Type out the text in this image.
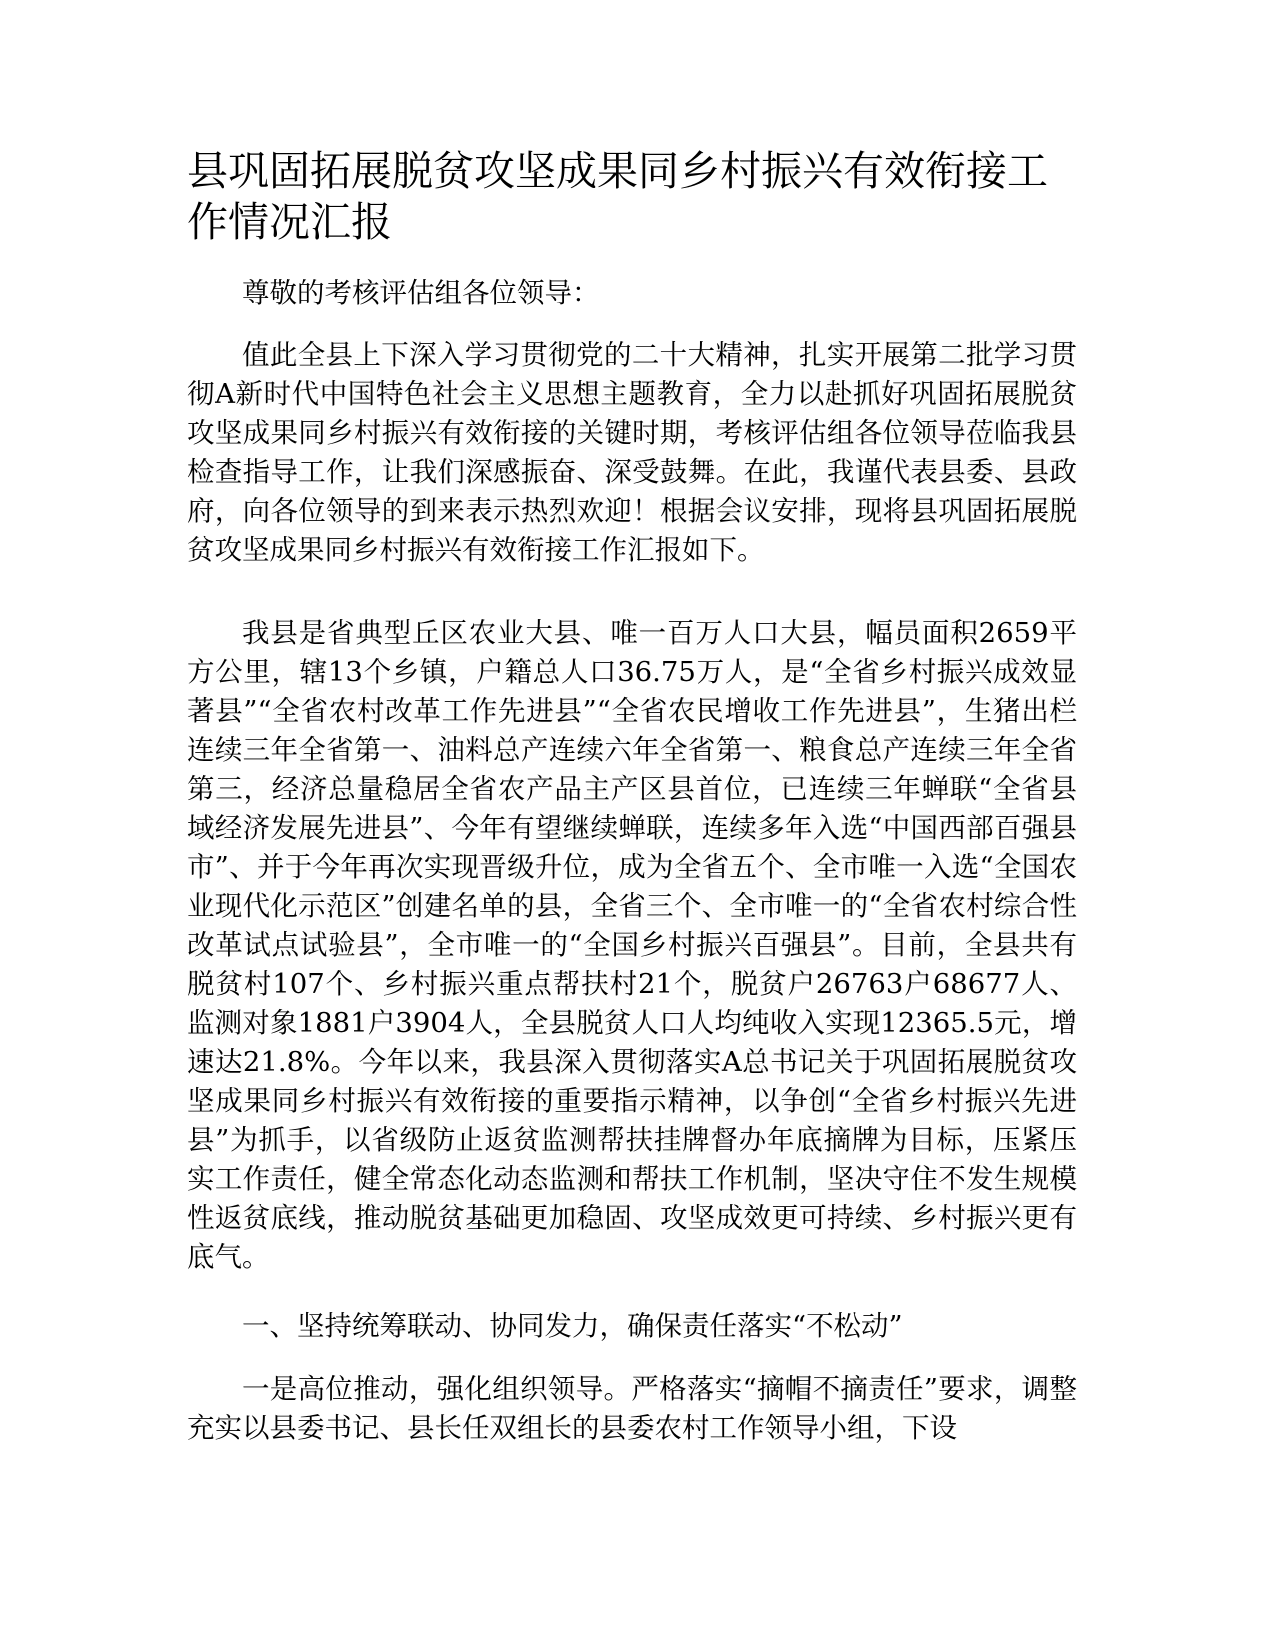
县巩固拓展脱贫攻坚成果同乡村振兴有效衔接工作情况汇报

尊敬的考核评估组各位领导：

值此全县上下深入学习贯彻党的二十大精神，扎实开展第二批学习贯彻A新时代中国特色社会主义思想主题教育，全力以赴抓好巩固拓展脱贫攻坚成果同乡村振兴有效衔接的关键时期，考核评估组各位领导莅临我县检查指导工作，让我们深感振奋、深受鼓舞。在此，我谨代表县委、县政府，向各位领导的到来表示热烈欢迎！根据会议安排，现将县巩固拓展脱贫攻坚成果同乡村振兴有效衔接工作汇报如下。

我县是省典型丘区农业大县、唯一百万人口大县，幅员面积2659平方公里，辖13个乡镇，户籍总人口36.75万人，是“全省乡村振兴成效显著县”“全省农村改革工作先进县”“全省农民增收工作先进县”，生猪出栏连续三年全省第一、油料总产连续六年全省第一、粮食总产连续三年全省第三，经济总量稳居全省农产品主产区县首位，已连续三年蝉联“全省县域经济发展先进县”、今年有望继续蝉联，连续多年入选“中国西部百强县市”、并于今年再次实现晋级升位，成为全省五个、全市唯一入选“全国农业现代化示范区”创建名单的县，全省三个、全市唯一的“全省农村综合性改革试点试验县”，全市唯一的“全国乡村振兴百强县”。目前，全县共有脱贫村107个、乡村振兴重点帮扶村21个，脱贫户26763户68677人、监测对象1881户3904人，全县脱贫人口人均纯收入实现12365.5元，增速达21.8%。今年以来，我县深入贯彻落实A总书记关于巩固拓展脱贫攻坚成果同乡村振兴有效衔接的重要指示精神，以争创“全省乡村振兴先进县”为抓手，以省级防止返贫监测帮扶挂牌督办年底摘牌为目标，压紧压实工作责任，健全常态化动态监测和帮扶工作机制，坚决守住不发生规模性返贫底线，推动脱贫基础更加稳固、攻坚成效更可持续、乡村振兴更有底气。

一、坚持统筹联动、协同发力，确保责任落实“不松动”

一是高位推动，强化组织领导。严格落实“摘帽不摘责任”要求，调整充实以县委书记、县长任双组长的县委农村工作领导小组，下设
